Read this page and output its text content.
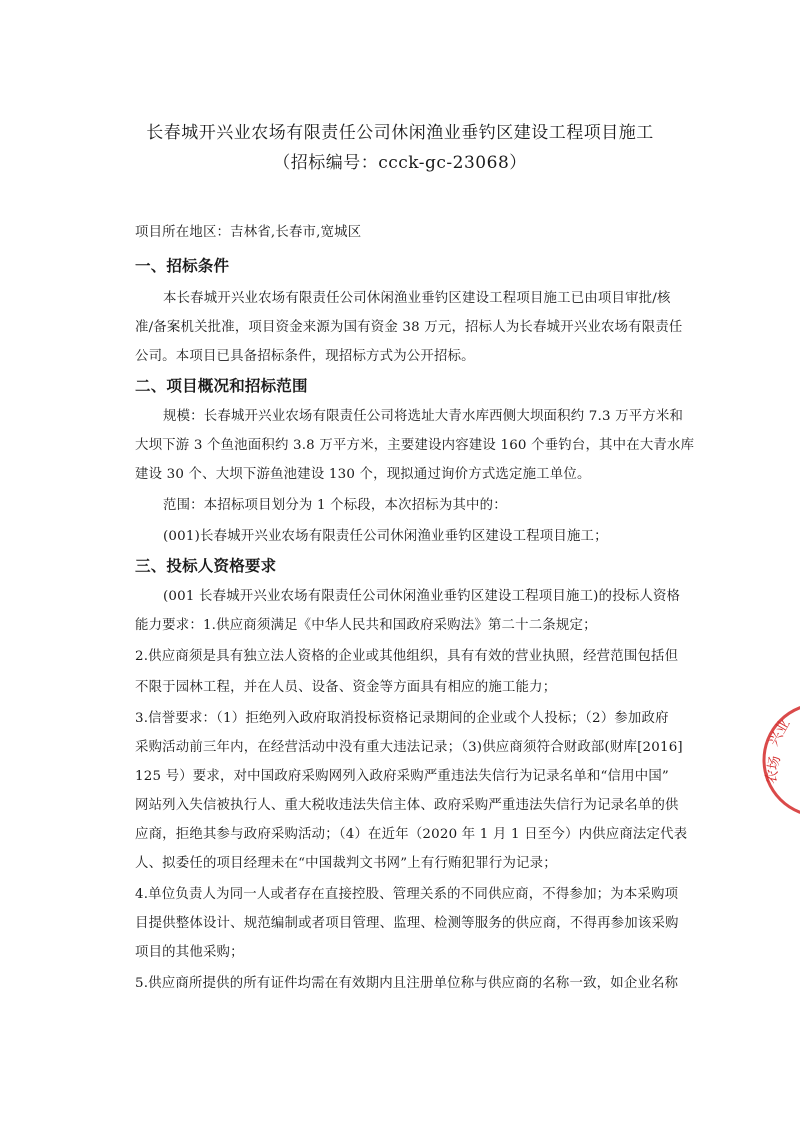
长春城开兴业农场有限责任公司休闲渔业垂钓区建设工程项目施工
（招标编号：ccck-gc-23068）
项目所在地区：吉林省,长春市,宽城区
一、招标条件
本长春城开兴业农场有限责任公司休闲渔业垂钓区建设工程项目施工已由项目审批/核
准/备案机关批准，项目资金来源为国有资金 38 万元，招标人为长春城开兴业农场有限责任
公司。本项目已具备招标条件，现招标方式为公开招标。
二、项目概况和招标范围
规模：长春城开兴业农场有限责任公司将选址大青水库西侧大坝面积约 7.3 万平方米和
大坝下游 3 个鱼池面积约 3.8 万平方米，主要建设内容建设 160 个垂钓台，其中在大青水库
建设 30 个、大坝下游鱼池建设 130 个，现拟通过询价方式选定施工单位。
范围：本招标项目划分为 1 个标段，本次招标为其中的：
(001)长春城开兴业农场有限责任公司休闲渔业垂钓区建设工程项目施工；
三、投标人资格要求
(001 长春城开兴业农场有限责任公司休闲渔业垂钓区建设工程项目施工)的投标人资格
能力要求：1.供应商须满足《中华人民共和国政府采购法》第二十二条规定；
2.供应商须是具有独立法人资格的企业或其他组织，具有有效的营业执照，经营范围包括但
不限于园林工程，并在人员、设备、资金等方面具有相应的施工能力；
3.信誉要求：（1）拒绝列入政府取消投标资格记录期间的企业或个人投标；（2）参加政府
采购活动前三年内，在经营活动中没有重大违法记录；（3)供应商须符合财政部(财库[2016]
125 号）要求，对中国政府采购网列入政府采购严重违法失信行为记录名单和“信用中国”
网站列入失信被执行人、重大税收违法失信主体、政府采购严重违法失信行为记录名单的供
应商，拒绝其参与政府采购活动；（4）在近年（2020 年 1 月 1 日至今）内供应商法定代表
人、拟委任的项目经理未在“中国裁判文书网”上有行贿犯罪行为记录；
4.单位负责人为同一人或者存在直接控股、管理关系的不同供应商，不得参加；为本采购项
目提供整体设计、规范编制或者项目管理、监理、检测等服务的供应商，不得再参加该采购
项目的其他采购；
5.供应商所提供的所有证件均需在有效期内且注册单位称与供应商的名称一致，如企业名称
兴业
农场
